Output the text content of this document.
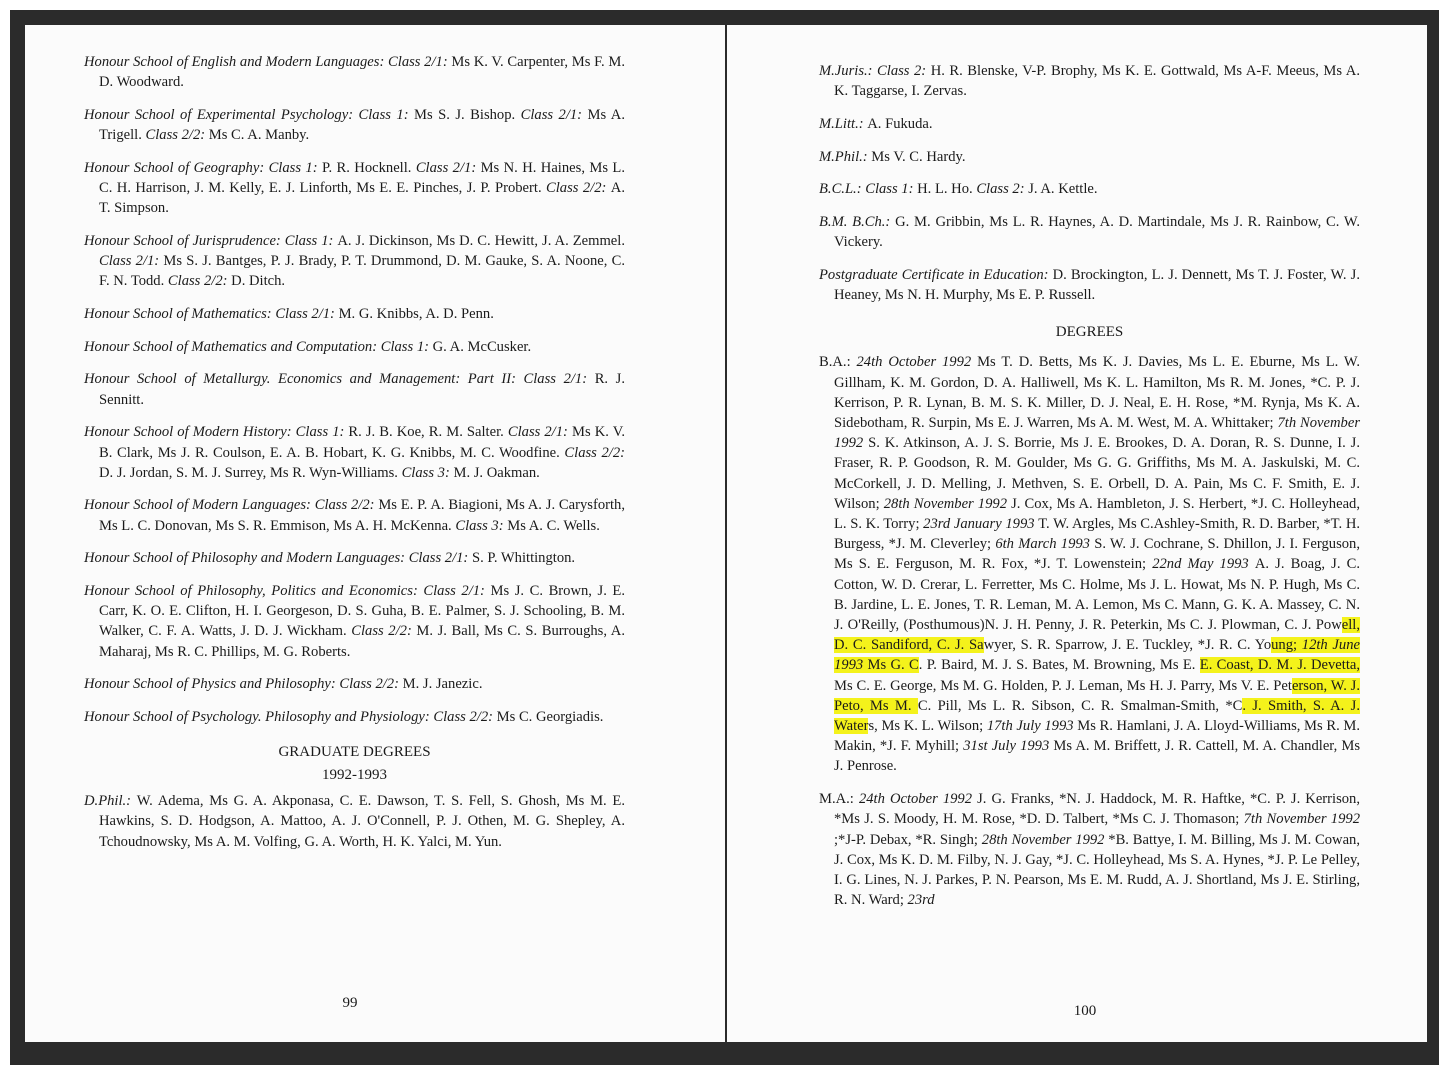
Honour School of English and Modern Languages: Class 2/1: Ms K. V. Carpenter, Ms F. M. D. Woodward.

Honour School of Experimental Psychology: Class 1: Ms S. J. Bishop. Class 2/1: Ms A. Trigell. Class 2/2: Ms C. A. Manby.

Honour School of Geography: Class 1: P. R. Hocknell. Class 2/1: Ms N. H. Haines, Ms L. C. H. Harrison, J. M. Kelly, E. J. Linforth, Ms E. E. Pinches, J. P. Probert. Class 2/2: A. T. Simpson.

Honour School of Jurisprudence: Class 1: A. J. Dickinson, Ms D. C. Hewitt, J. A. Zemmel. Class 2/1: Ms S. J. Bantges, P. J. Brady, P. T. Drummond, D. M. Gauke, S. A. Noone, C. F. N. Todd. Class 2/2: D. Ditch.

Honour School of Mathematics: Class 2/1: M. G. Knibbs, A. D. Penn.

Honour School of Mathematics and Computation: Class 1: G. A. McCusker.

Honour School of Metallurgy. Economics and Management: Part II: Class 2/1: R. J. Sennitt.

Honour School of Modern History: Class 1: R. J. B. Koe, R. M. Salter. Class 2/1: Ms K. V. B. Clark, Ms J. R. Coulson, E. A. B. Hobart, K. G. Knibbs, M. C. Woodfine. Class 2/2: D. J. Jordan, S. M. J. Surrey, Ms R. Wyn-Williams. Class 3: M. J. Oakman.

Honour School of Modern Languages: Class 2/2: Ms E. P. A. Biagioni, Ms A. J. Carysforth, Ms L. C. Donovan, Ms S. R. Emmison, Ms A. H. McKenna. Class 3: Ms A. C. Wells.

Honour School of Philosophy and Modern Languages: Class 2/1: S. P. Whittington.

Honour School of Philosophy, Politics and Economics: Class 2/1: Ms J. C. Brown, J. E. Carr, K. O. E. Clifton, H. I. Georgeson, D. S. Guha, B. E. Palmer, S. J. Schooling, B. M. Walker, C. F. A. Watts, J. D. J. Wickham. Class 2/2: M. J. Ball, Ms C. S. Burroughs, A. Maharaj, Ms R. C. Phillips, M. G. Roberts.

Honour School of Physics and Philosophy: Class 2/2: M. J. Janezic.

Honour School of Psychology. Philosophy and Physiology: Class 2/2: Ms C. Georgiadis.

GRADUATE DEGREES
1992-1993

D.Phil.: W. Adema, Ms G. A. Akponasa, C. E. Dawson, T. S. Fell, S. Ghosh, Ms M. E. Hawkins, S. D. Hodgson, A. Mattoo, A. J. O'Connell, P. J. Othen, M. G. Shepley, A. Tchoudnowsky, Ms A. M. Volfing, G. A. Worth, H. K. Yalci, M. Yun.

99

M.Juris.: Class 2: H. R. Blenske, V-P. Brophy, Ms K. E. Gottwald, Ms A-F. Meeus, Ms A. K. Taggarse, I. Zervas.

M.Litt.: A. Fukuda.

M.Phil.: Ms V. C. Hardy.

B.C.L.: Class 1: H. L. Ho. Class 2: J. A. Kettle.

B.M. B.Ch.: G. M. Gribbin, Ms L. R. Haynes, A. D. Martindale, Ms J. R. Rainbow, C. W. Vickery.

Postgraduate Certificate in Education: D. Brockington, L. J. Dennett, Ms T. J. Foster, W. J. Heaney, Ms N. H. Murphy, Ms E. P. Russell.

DEGREES

B.A.: 24th October 1992 Ms T. D. Betts, Ms K. J. Davies, Ms L. E. Eburne, Ms L. W. Gillham, K. M. Gordon, D. A. Halliwell, Ms K. L. Hamilton, Ms R. M. Jones, *C. P. J. Kerrison, P. R. Lynan, B. M. S. K. Miller, D. J. Neal, E. H. Rose, *M. Rynja, Ms K. A. Sidebotham, R. Surpin, Ms E. J. Warren, Ms A. M. West, M. A. Whittaker; 7th November 1992 S. K. Atkinson, A. J. S. Borrie, Ms J. E. Brookes, D. A. Doran, R. S. Dunne, I. J. Fraser, R. P. Goodson, R. M. Goulder, Ms G. G. Griffiths, Ms M. A. Jaskulski, M. C. McCorkell, J. D. Melling, J. Methven, S. E. Orbell, D. A. Pain, Ms C. F. Smith, E. J. Wilson; 28th November 1992 J. Cox, Ms A. Hambleton, J. S. Herbert, *J. C. Holleyhead, L. S. K. Torry; 23rd January 1993 T. W. Argles, Ms C.Ashley-Smith, R. D. Barber, *T. H. Burgess, *J. M. Cleverley; 6th March 1993 S. W. J. Cochrane, S. Dhillon, J. I. Ferguson, Ms S. E. Ferguson, M. R. Fox, *J. T. Lowenstein; 22nd May 1993 A. J. Boag, J. C. Cotton, W. D. Crerar, L. Ferretter, Ms C. Holme, Ms J. L. Howat, Ms N. P. Hugh, Ms C. B. Jardine, L. E. Jones, T. R. Leman, M. A. Lemon, Ms C. Mann, G. K. A. Massey, C. N. J. O'Reilly, (Posthumous)N. J. H. Penny, J. R. Peterkin, Ms C. J. Plowman, C. J. Powell, D. C. Sandiford, C. J. Sawyer, S. R. Sparrow, J. E. Tuckley, *J. R. C. Young; 12th June 1993 Ms G. C. P. Baird, M. J. S. Bates, M. Browning, Ms E. E. Coast, D. M. J. Devetta, Ms C. E. George, Ms M. G. Holden, P. J. Leman, Ms H. J. Parry, Ms V. E. Peterson, W. J. Peto, Ms M. C. Pill, Ms L. R. Sibson, C. R. Smalman-Smith, *C. J. Smith, S. A. J. Waters, Ms K. L. Wilson; 17th July 1993 Ms R. Hamlani, J. A. Lloyd-Williams, Ms R. M. Makin, *J. F. Myhill; 31st July 1993 Ms A. M. Briffett, J. R. Cattell, M. A. Chandler, Ms J. Penrose.

M.A.: 24th October 1992 J. G. Franks, *N. J. Haddock, M. R. Haftke, *C. P. J. Kerrison, *Ms J. S. Moody, H. M. Rose, *D. D. Talbert, *Ms C. J. Thomason; 7th November 1992 ;*J-P. Debax, *R. Singh; 28th November 1992 *B. Battye, I. M. Billing, Ms J. M. Cowan, J. Cox, Ms K. D. M. Filby, N. J. Gay, *J. C. Holleyhead, Ms S. A. Hynes, *J. P. Le Pelley, I. G. Lines, N. J. Parkes, P. N. Pearson, Ms E. M. Rudd, A. J. Shortland, Ms J. E. Stirling, R. N. Ward; 23rd

100
